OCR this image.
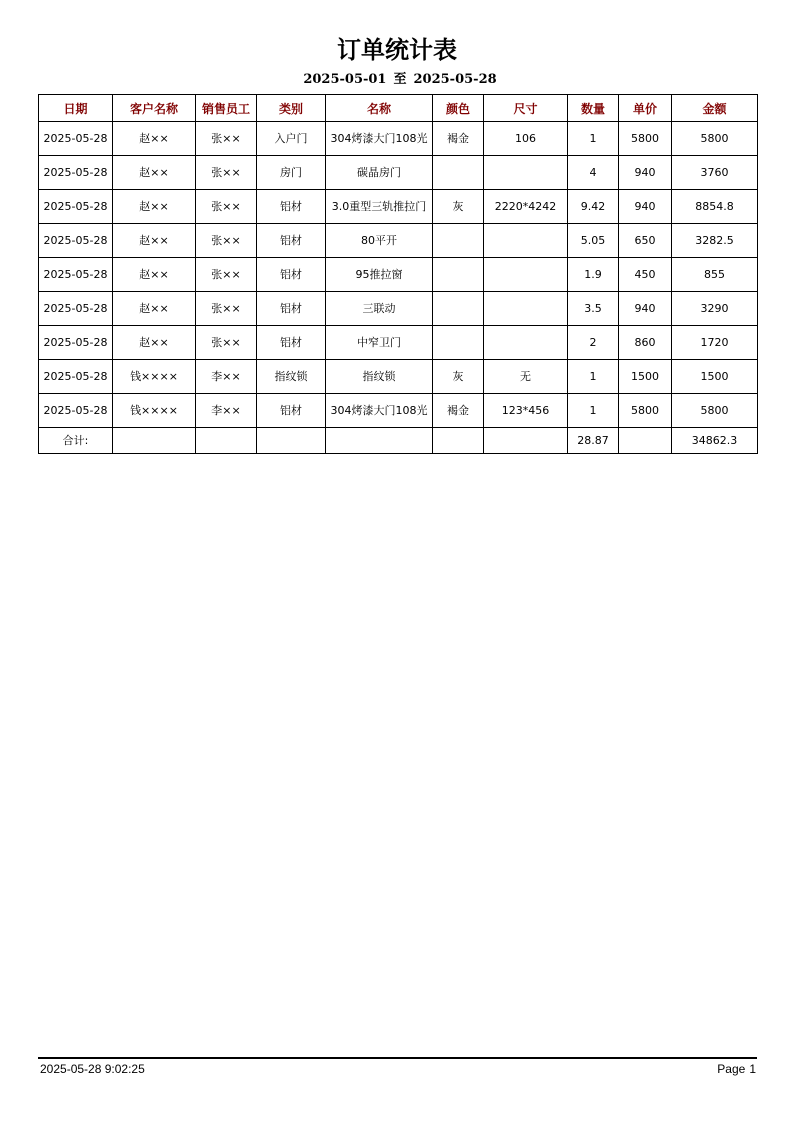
订单统计表
2025-05-01 至 2025-05-28
日期	客户名称	销售员工	类别	名称	颜色	尺寸	数量	单价	金额
2025-05-28	赵××	张××	入户门	304烤漆大门108光	褐金	106	1	5800	5800
2025-05-28	赵××	张××	房门	碳晶房门			4	940	3760
2025-05-28	赵××	张××	铝材	3.0重型三轨推拉门	灰	2220*4242	9.42	940	8854.8
2025-05-28	赵××	张××	铝材	80平开			5.05	650	3282.5
2025-05-28	赵××	张××	铝材	95推拉窗			1.9	450	855
2025-05-28	赵××	张××	铝材	三联动			3.5	940	3290
2025-05-28	赵××	张××	铝材	中窄卫门			2	860	1720
2025-05-28	钱××××	李××	指纹锁	指纹锁	灰	无	1	1500	1500
2025-05-28	钱××××	李××	铝材	304烤漆大门108光	褐金	123*456	1	5800	5800
合计:							28.87		34862.3
2025-05-28 9:02:25	Page 1
